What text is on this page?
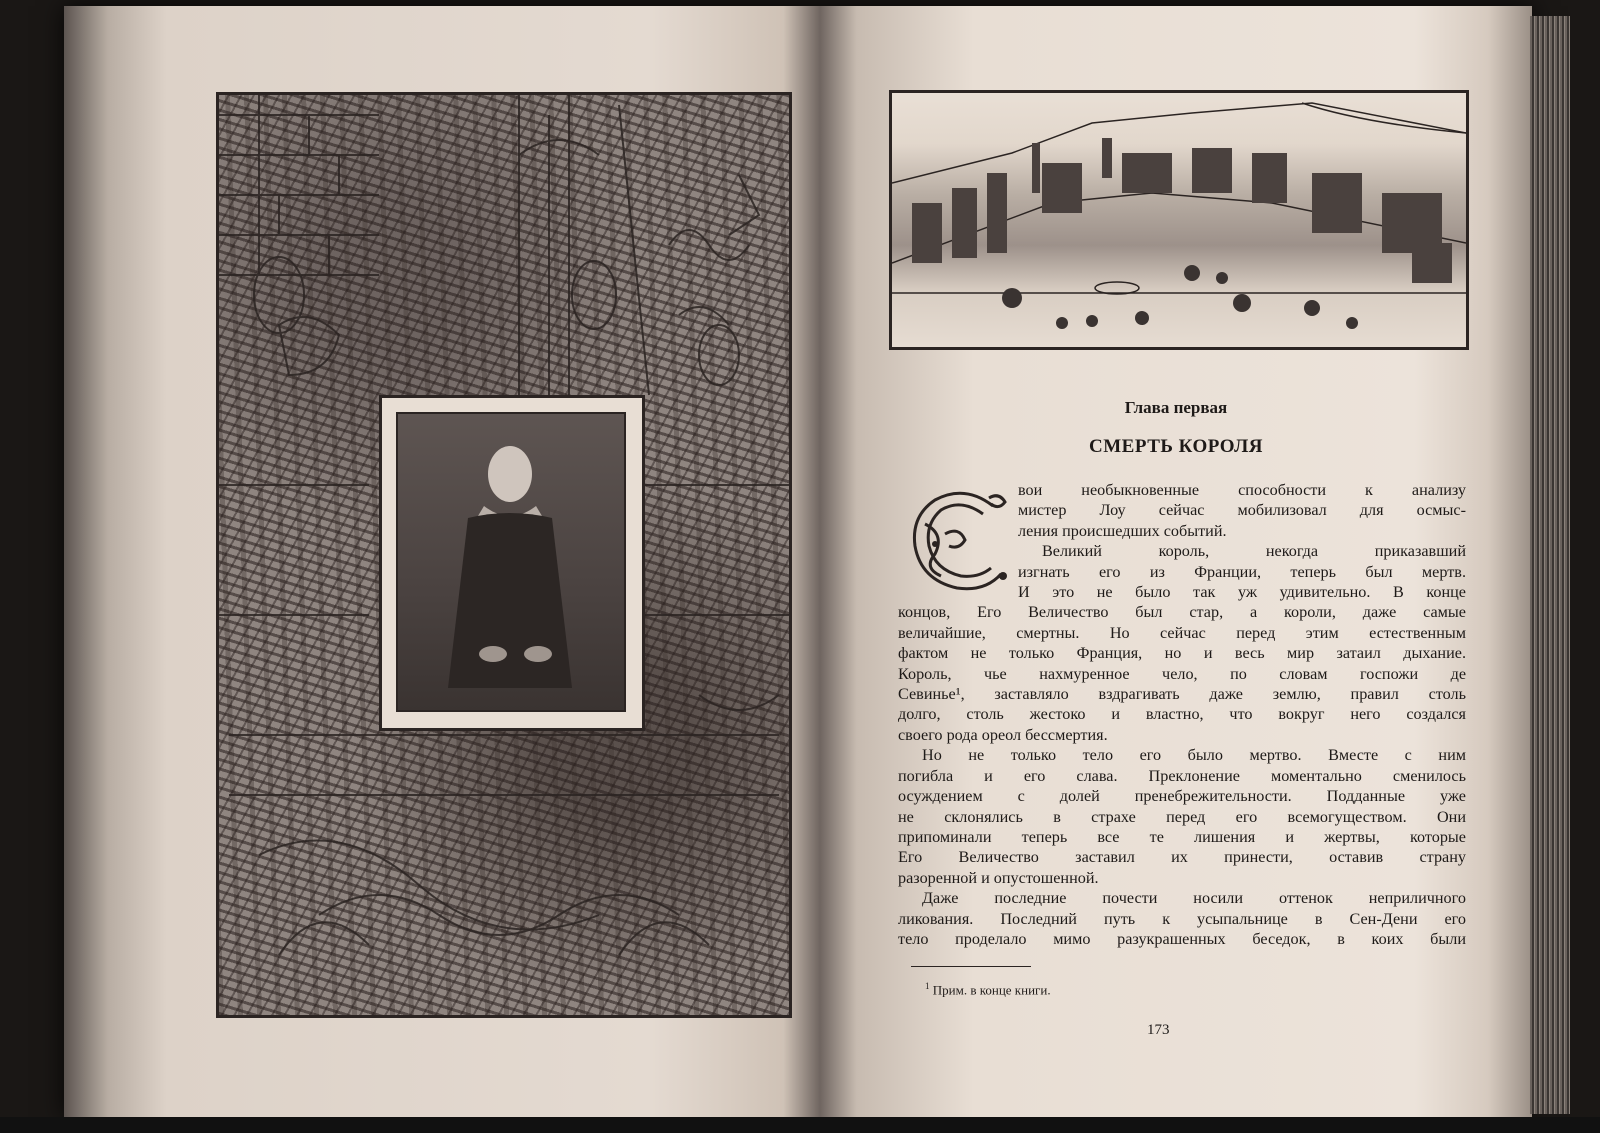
Глава первая

СМЕРТЬ КОРОЛЯ

вои необыкновенные способности к анализу
мистер Лоу сейчас мобилизовал для осмыс-
ления происшедших событий.
Великий король, некогда приказавший
изгнать его из Франции, теперь был мертв.
И это не было так уж удивительно. В конце
концов, Его Величество был стар, а короли, даже самые
величайшие, смертны. Но сейчас перед этим естественным
фактом не только Франция, но и весь мир затаил дыхание.
Король, чье нахмуренное чело, по словам госпожи де
Севинье¹, заставляло вздрагивать даже землю, правил столь
долго, столь жестоко и властно, что вокруг него создался
своего рода ореол бессмертия.
Но не только тело его было мертво. Вместе с ним
погибла и его слава. Преклонение моментально сменилось
осуждением с долей пренебрежительности. Подданные уже
не склонялись в страхе перед его всемогуществом. Они
припоминали теперь все те лишения и жертвы, которые
Его Величество заставил их принести, оставив страну
разоренной и опустошенной.
Даже последние почести носили оттенок неприличного
ликования. Последний путь к усыпальнице в Сен-Дени его
тело проделало мимо разукрашенных беседок, в коих были

$^1$ Прим. в конце книги.

173
